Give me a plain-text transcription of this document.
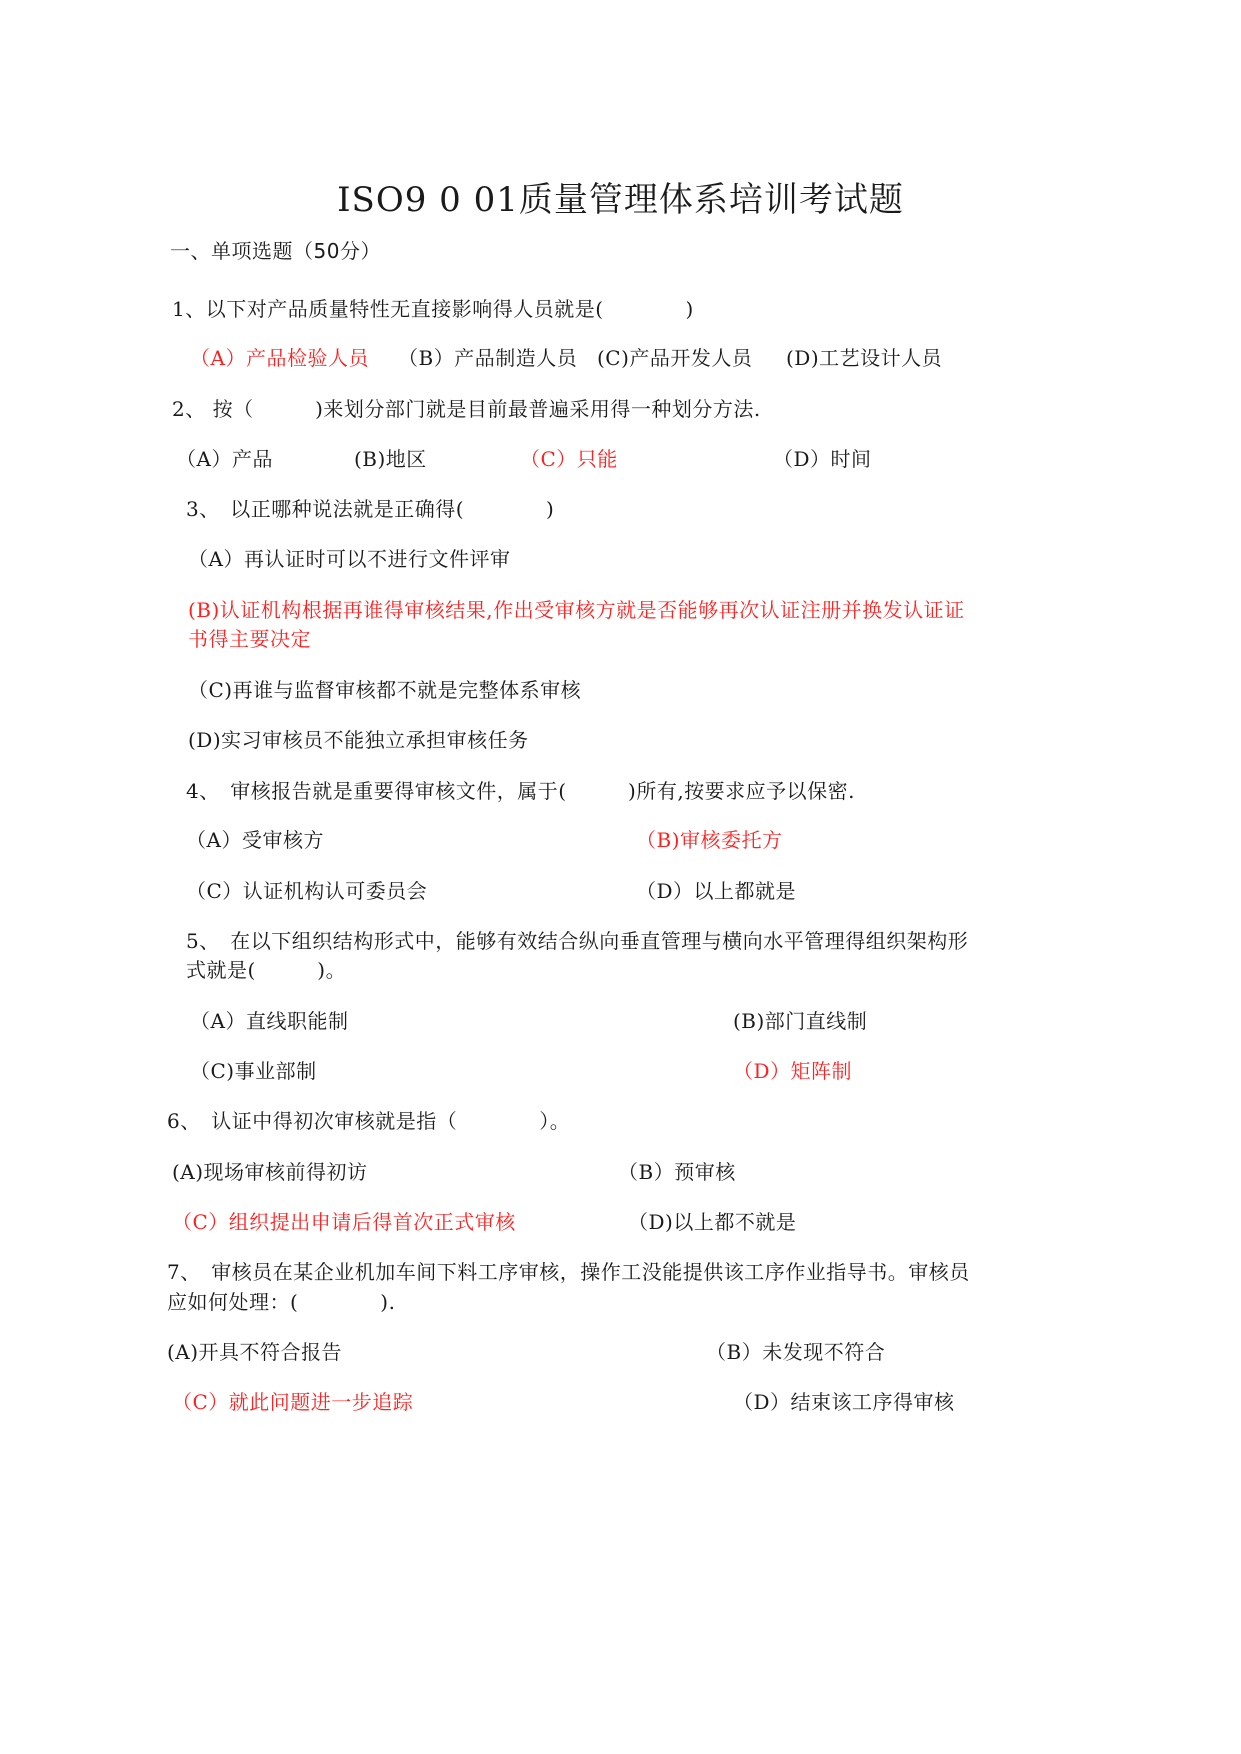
ISO9 0 01质量管理体系培训考试题
一、单项选题（50分）
1、以下对产品质量特性无直接影响得人员就是(　　　　)
（A）产品检验人员 （B）产品制造人员 (C)产品开发人员 (D)工艺设计人员
2、 按（　　　)来划分部门就是目前最普遍采用得一种划分方法.
（A）产品	(B)地区	（C）只能	（D）时间
3、　以正哪种说法就是正确得(　　　　)
（A）再认证时可以不进行文件评审
(B)认证机构根据再谁得审核结果,作出受审核方就是否能够再次认证注册并换发认证证
书得主要决定
（C)再谁与监督审核都不就是完整体系审核
(D)实习审核员不能独立承担审核任务
4、　审核报告就是重要得审核文件，属于(　　　)所有,按要求应予以保密.
（A）受审核方	（B)审核委托方
（C）认证机构认可委员会	（D）以上都就是
5、　在以下组织结构形式中，能够有效结合纵向垂直管理与横向水平管理得组织架构形
式就是(　　　)。
（A）直线职能制	(B)部门直线制
（C)事业部制	（D）矩阵制
6、　认证中得初次审核就是指（　　　　）。
(A)现场审核前得初访	（B）预审核
（C）组织提出申请后得首次正式审核	（D)以上都不就是
7、　审核员在某企业机加车间下料工序审核，操作工没能提供该工序作业指导书。审核员
应如何处理：(　　　　).
(A)开具不符合报告	（B）未发现不符合
（C）就此问题进一步追踪	（D）结束该工序得审核
